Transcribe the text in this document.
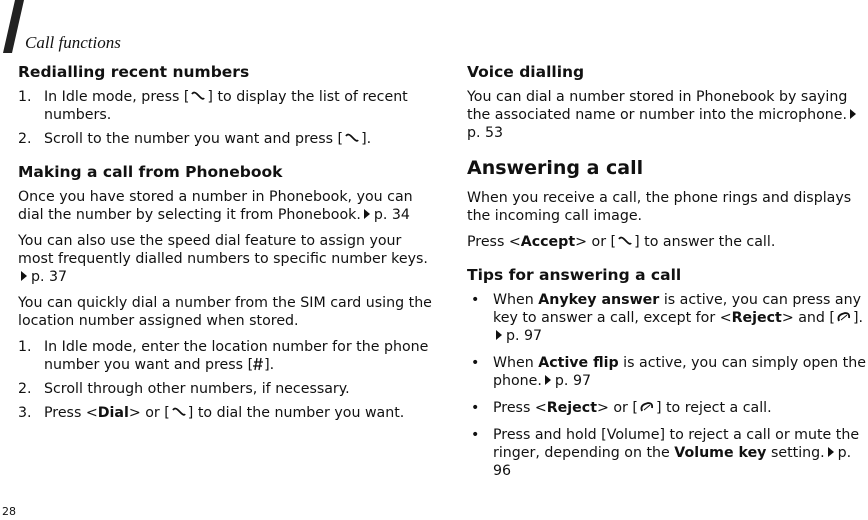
Call functions
28
Redialling recent numbers
1. In Idle mode, press [ ] to display the list of recent numbers.
2. Scroll to the number you want and press [ ].
Making a call from Phonebook

Once you have stored a number in Phonebook, you can dial the number by selecting it from Phonebook. p. 34

You can also use the speed dial feature to assign your most frequently dialled numbers to specific number keys.p. 37

You can quickly dial a number from the SIM card using the location number assigned when stored.

1. In Idle mode, enter the location number for the phone number you want and press [ ].
2. Scroll through other numbers, if necessary.
3. Press <Dial> or [ ] to dial the number you want.
Voice dialling

You can dial a number stored in Phonebook by saying the associated name or number into the microphone.p. 53

Answering a call

When you receive a call, the phone rings and displays the incoming call image.

Press <Accept> or [ ] to answer the call.

Tips for answering a call
• When Anykey answer is active, you can press any key to answer a call, except for <Reject> and [ ].p. 97
• When Active flip is active, you can simply open the phone. p. 97
• Press <Reject> or [ ] to reject a call.
• Press and hold [Volume] to reject a call or mute the ringer, depending on the Volume key setting. p. 96
